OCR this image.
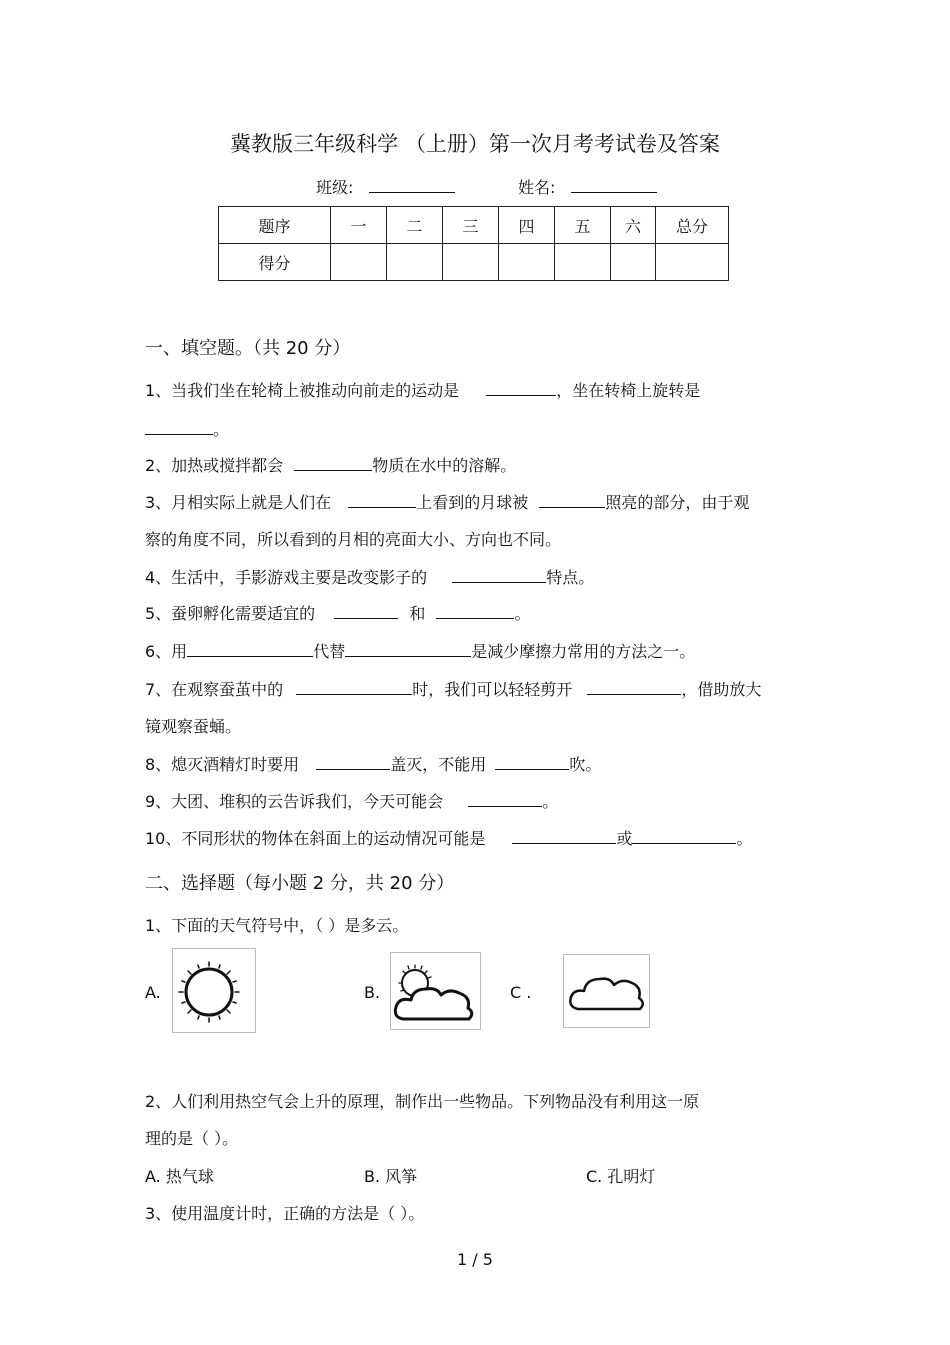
冀教版三年级科学 （上册）第一次月考考试卷及答案
班级:	姓名:
题序	一	二	三	四	五	六	总分
得分							
一、填空题。（共 20 分）
1、当我们坐在轮椅上被推动向前走的运动是	，坐在转椅上旋转是
。
2、加热或搅拌都会	物质在水中的溶解。
3、月相实际上就是人们在	上看到的月球被	照亮的部分，由于观
察的角度不同，所以看到的月相的亮面大小、方向也不同。
4、生活中，手影游戏主要是改变影子的	特点。
5、蚕卵孵化需要适宜的	和	。
6、用	代替	是减少摩擦力常用的方法之一。
7、在观察蚕茧中的	时，我们可以轻轻剪开	，借助放大
镜观察蚕蛹。
8、熄灭酒精灯时要用	盖灭，不能用	吹。
9、大团、堆积的云告诉我们，今天可能会	。
10、不同形状的物体在斜面上的运动情况可能是	或	。
二、选择题（每小题 2 分，共 20 分）
1、下面的天气符号中，（ ）是多云。
A.	B.	C .
2、人们利用热空气会上升的原理，制作出一些物品。下列物品没有利用这一原
理的是（ ）。
A. 热气球	B. 风筝	C. 孔明灯
3、使用温度计时，正确的方法是（ ）。
1 / 5
